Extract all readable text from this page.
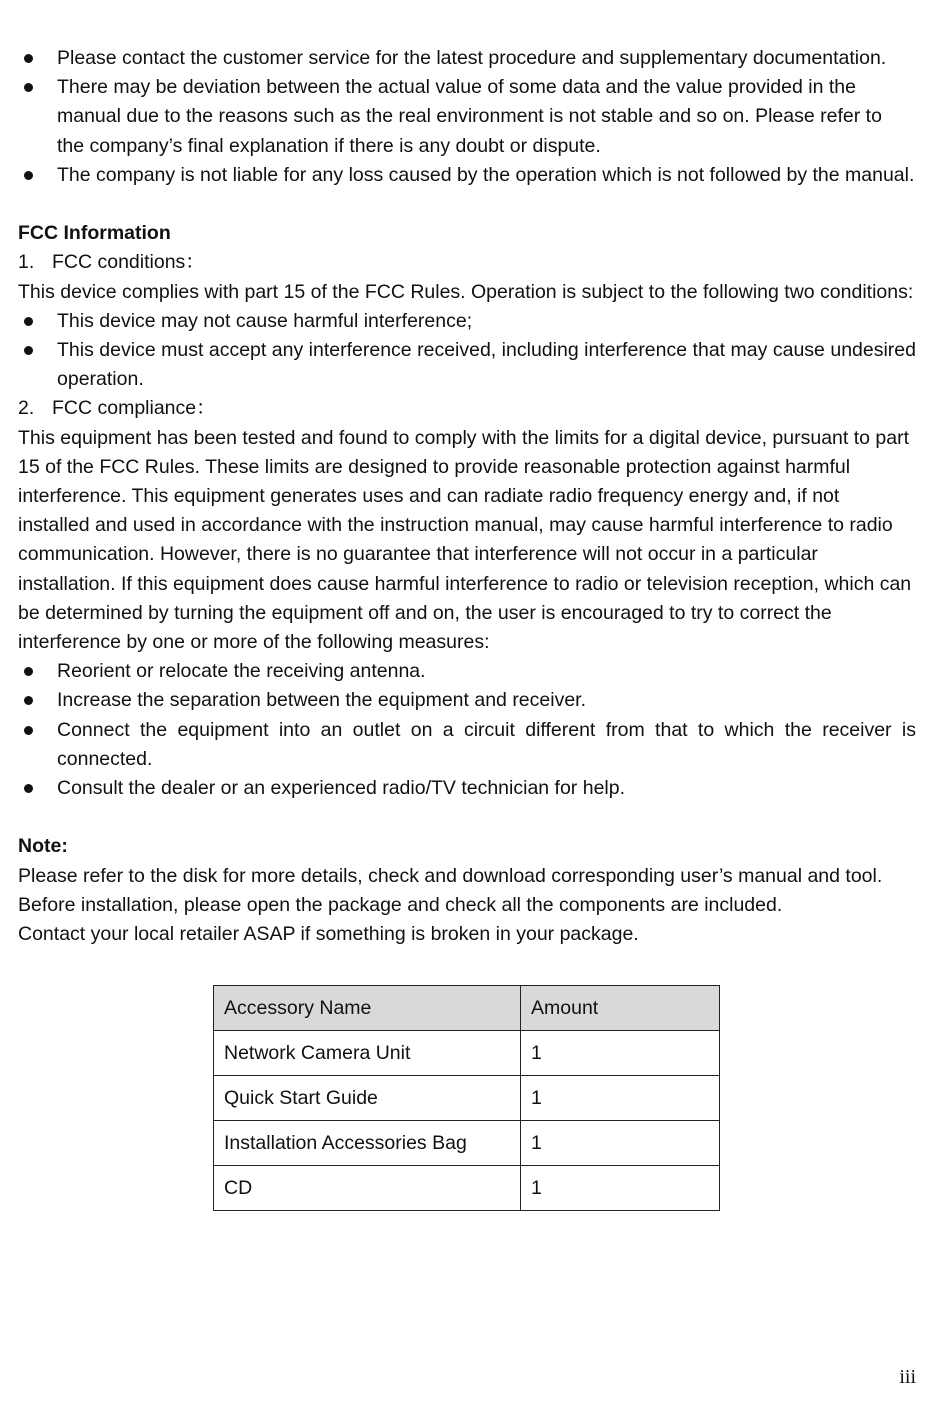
Please contact the customer service for the latest procedure and supplementary documentation.
There may be deviation between the actual value of some data and the value provided in the manual due to the reasons such as the real environment is not stable and so on. Please refer to the company’s final explanation if there is any doubt or dispute.
The company is not liable for any loss caused by the operation which is not followed by the manual.
FCC Information
1. FCC conditions：
This device complies with part 15 of the FCC Rules. Operation is subject to the following two conditions:
This device may not cause harmful interference;
This device must accept any interference received, including interference that may cause undesired operation.
2. FCC compliance：
This equipment has been tested and found to comply with the limits for a digital device, pursuant to part 15 of the FCC Rules. These limits are designed to provide reasonable protection against harmful interference. This equipment generates uses and can radiate radio frequency energy and, if not installed and used in accordance with the instruction manual, may cause harmful interference to radio communication. However, there is no guarantee that interference will not occur in a particular installation. If this equipment does cause harmful interference to radio or television reception, which can be determined by turning the equipment off and on, the user is encouraged to try to correct the interference by one or more of the following measures:
Reorient or relocate the receiving antenna.
Increase the separation between the equipment and receiver.
Connect the equipment into an outlet on a circuit different from that to which the receiver is connected.
Consult the dealer or an experienced radio/TV technician for help.
Note:
Please refer to the disk for more details, check and download corresponding user’s manual and tool.
Before installation, please open the package and check all the components are included.
Contact your local retailer ASAP if something is broken in your package.
Accessory Name	Amount
Network Camera Unit	1
Quick Start Guide	1
Installation Accessories Bag	1
CD	1
iii
